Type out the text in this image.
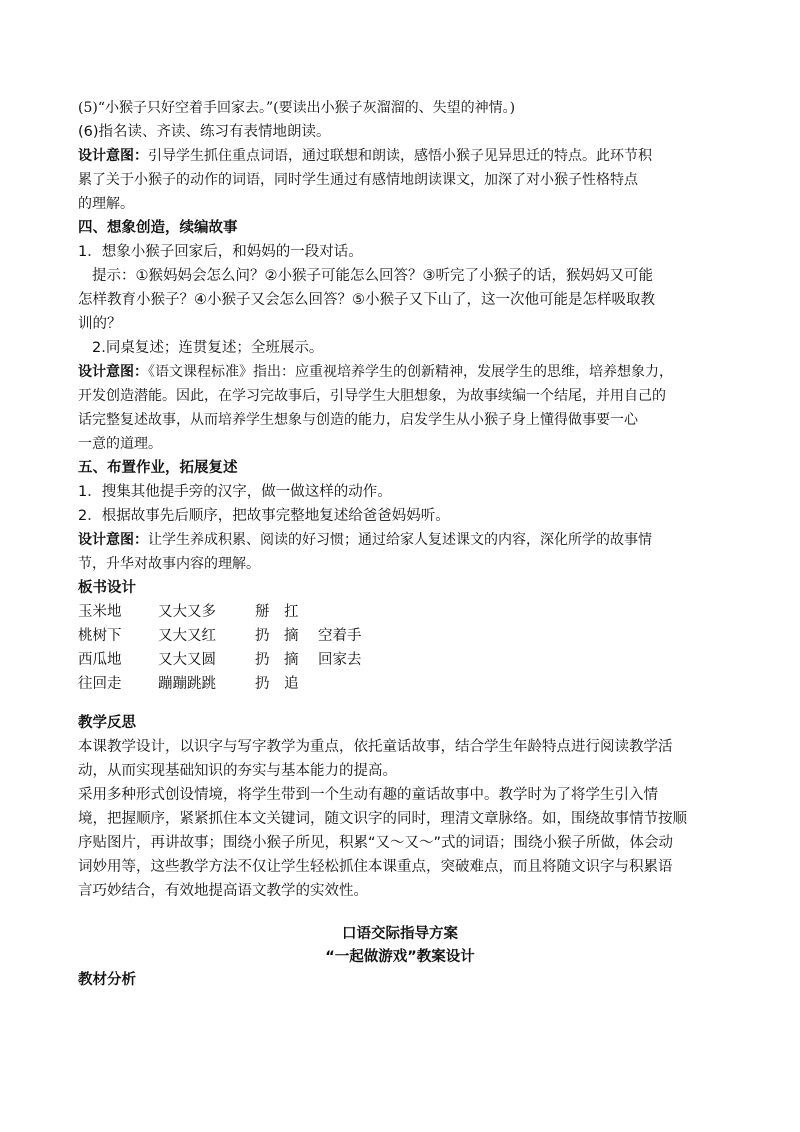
(5)“小猴子只好空着手回家去。”(要读出小猴子灰溜溜的、失望的神情。)
(6)指名读、齐读、练习有表情地朗读。
设计意图：引导学生抓住重点词语，通过联想和朗读，感悟小猴子见异思迁的特点。此环节积
累了关于小猴子的动作的词语，同时学生通过有感情地朗读课文，加深了对小猴子性格特点
的理解。
四、想象创造，续编故事
1．想象小猴子回家后，和妈妈的一段对话。
提示：①猴妈妈会怎么问？②小猴子可能怎么回答？③听完了小猴子的话，猴妈妈又可能
怎样教育小猴子？④小猴子又会怎么回答？⑤小猴子又下山了，这一次他可能是怎样吸取教
训的？
2.同桌复述；连贯复述；全班展示。
设计意图：《语文课程标准》指出：应重视培养学生的创新精神，发展学生的思维，培养想象力，
开发创造潜能。因此，在学习完故事后，引导学生大胆想象，为故事续编一个结尾，并用自己的
话完整复述故事，从而培养学生想象与创造的能力，启发学生从小猴子身上懂得做事要一心
一意的道理。
五、布置作业，拓展复述
1．搜集其他提手旁的汉字，做一做这样的动作。
2．根据故事先后顺序，把故事完整地复述给爸爸妈妈听。
设计意图：让学生养成积累、阅读的好习惯；通过给家人复述课文的内容，深化所学的故事情
节，升华对故事内容的理解。
板书设计
玉米地	又大又多	掰　扛
桃树下	又大又红	扔　摘 空着手
西瓜地	又大又圆	扔　摘 回家去
往回走	蹦蹦跳跳	扔　追
教学反思
本课教学设计，以识字与写字教学为重点，依托童话故事，结合学生年龄特点进行阅读教学活
动，从而实现基础知识的夯实与基本能力的提高。
采用多种形式创设情境，将学生带到一个生动有趣的童话故事中。教学时为了将学生引入情
境，把握顺序，紧紧抓住本文关键词，随文识字的同时，理清文章脉络。如，围绕故事情节按顺
序贴图片，再讲故事；围绕小猴子所见，积累“又～又～”式的词语；围绕小猴子所做，体会动
词妙用等，这些教学方法不仅让学生轻松抓住本课重点，突破难点，而且将随文识字与积累语
言巧妙结合，有效地提高语文教学的实效性。
口语交际指导方案
“一起做游戏”教案设计
教材分析
